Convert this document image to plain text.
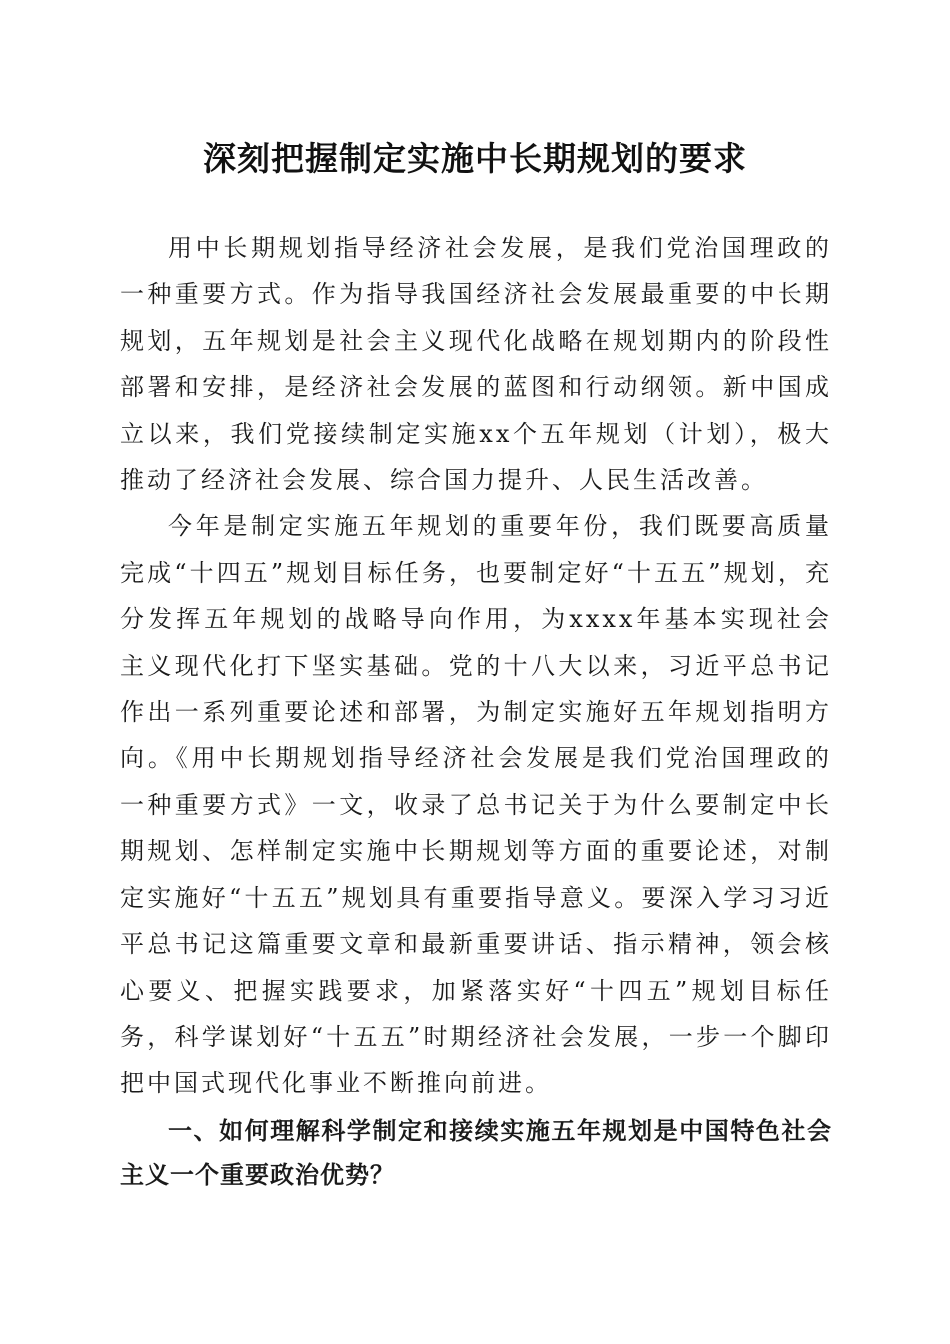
深刻把握制定实施中长期规划的要求

用中长期规划指导经济社会发展，是我们党治国理政的一种重要方式。作为指导我国经济社会发展最重要的中长期规划，五年规划是社会主义现代化战略在规划期内的阶段性部署和安排，是经济社会发展的蓝图和行动纲领。新中国成立以来，我们党接续制定实施xx个五年规划（计划），极大推动了经济社会发展、综合国力提升、人民生活改善。

今年是制定实施五年规划的重要年份，我们既要高质量完成“十四五”规划目标任务，也要制定好“十五五”规划，充分发挥五年规划的战略导向作用，为xxxx年基本实现社会主义现代化打下坚实基础。党的十八大以来，习近平总书记作出一系列重要论述和部署，为制定实施好五年规划指明方向。《用中长期规划指导经济社会发展是我们党治国理政的一种重要方式》一文，收录了总书记关于为什么要制定中长期规划、怎样制定实施中长期规划等方面的重要论述，对制定实施好“十五五”规划具有重要指导意义。要深入学习习近平总书记这篇重要文章和最新重要讲话、指示精神，领会核心要义、把握实践要求，加紧落实好“十四五”规划目标任务，科学谋划好“十五五”时期经济社会发展，一步一个脚印把中国式现代化事业不断推向前进。

一、如何理解科学制定和接续实施五年规划是中国特色社会主义一个重要政治优势？
